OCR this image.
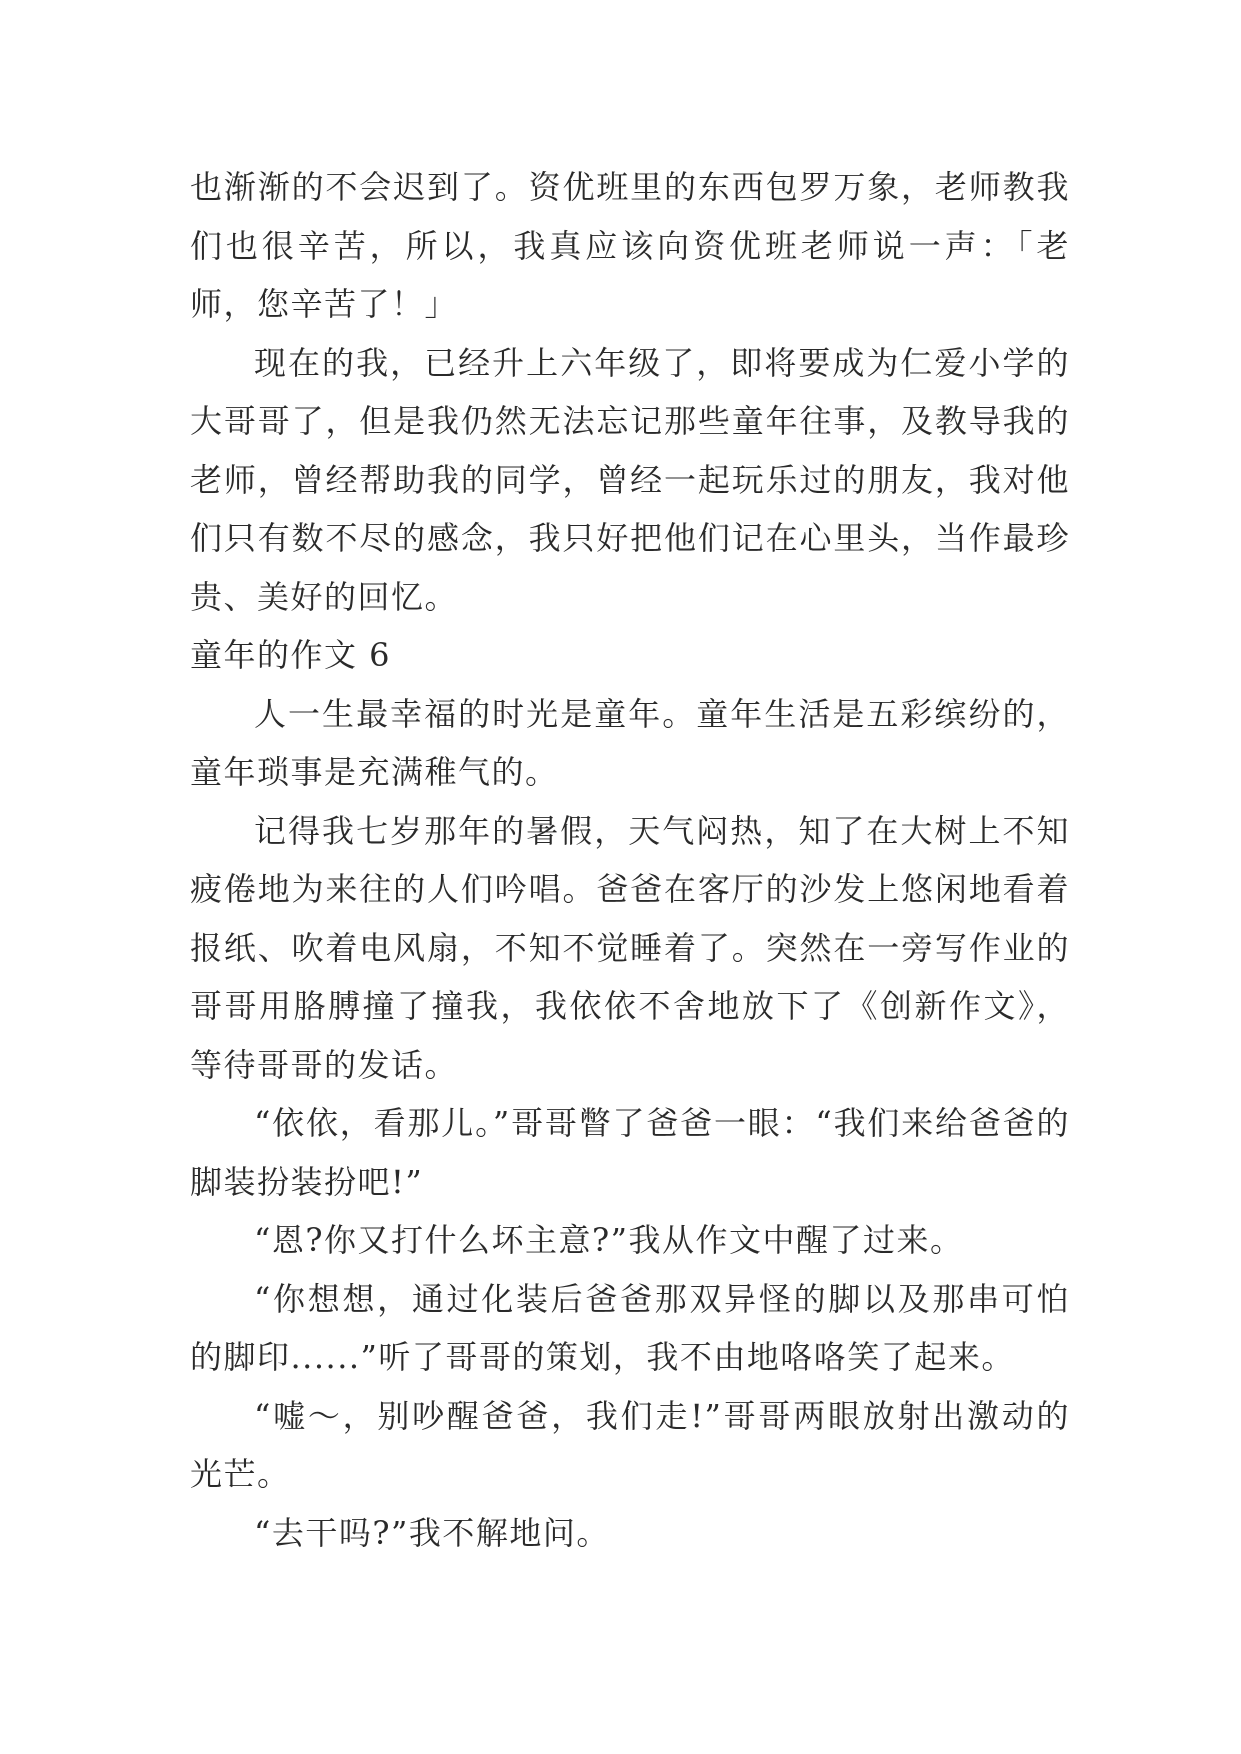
也渐渐的不会迟到了。资优班里的东西包罗万象，老师教我们也很辛苦，所以，我真应该向资优班老师说一声：「老师，您辛苦了！」

现在的我，已经升上六年级了，即将要成为仁爱小学的大哥哥了，但是我仍然无法忘记那些童年往事，及教导我的老师，曾经帮助我的同学，曾经一起玩乐过的朋友，我对他们只有数不尽的感念，我只好把他们记在心里头，当作最珍贵、美好的回忆。

童年的作文 6

人一生最幸福的时光是童年。童年生活是五彩缤纷的，童年琐事是充满稚气的。

记得我七岁那年的暑假，天气闷热，知了在大树上不知疲倦地为来往的人们吟唱。爸爸在客厅的沙发上悠闲地看着报纸、吹着电风扇，不知不觉睡着了。突然在一旁写作业的哥哥用胳膊撞了撞我，我依依不舍地放下了《创新作文》，等待哥哥的发话。

“依依，看那儿。”哥哥瞥了爸爸一眼：“我们来给爸爸的脚装扮装扮吧!”

“恩?你又打什么坏主意?”我从作文中醒了过来。

“你想想，通过化装后爸爸那双异怪的脚以及那串可怕的脚印......”听了哥哥的策划，我不由地咯咯笑了起来。

“嘘～，别吵醒爸爸，我们走!”哥哥两眼放射出激动的光芒。

“去干吗?”我不解地问。
